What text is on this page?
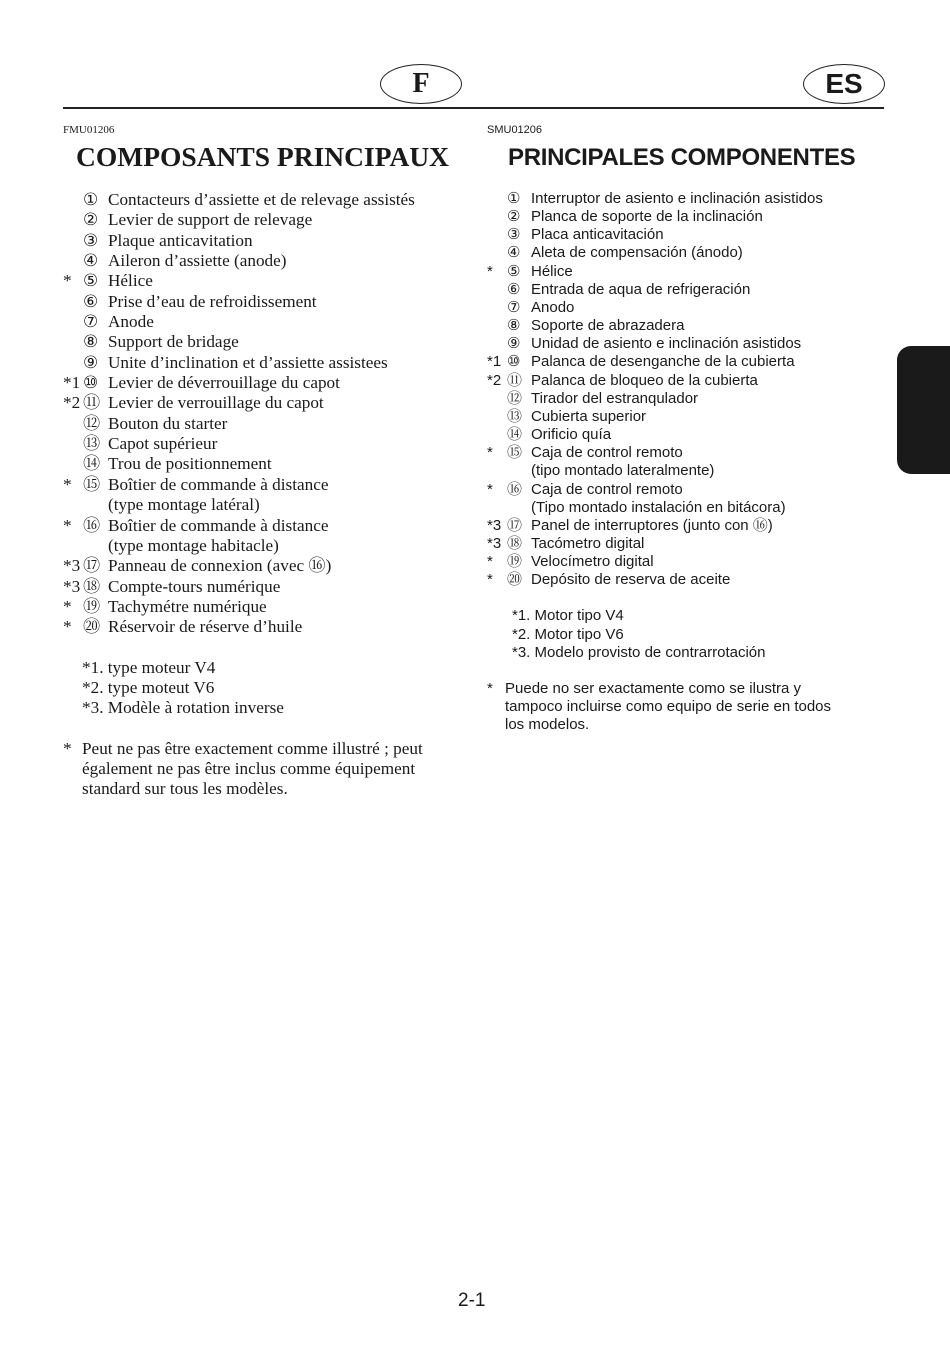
F	ES
FMU01206
COMPOSANTS PRINCIPAUX
① Contacteurs d’assiette et de relevage assistés
② Levier de support de relevage
③ Plaque anticavitation
④ Aileron d’assiette (anode)
* ⑤ Hélice
⑥ Prise d’eau de refroidissement
⑦ Anode
⑧ Support de bridage
⑨ Unite d’inclination et d’assiette assistees
*1 ⑩ Levier de déverrouillage du capot
*2 ⑪ Levier de verrouillage du capot
⑫ Bouton du starter
⑬ Capot supérieur
⑭ Trou de positionnement
* ⑮ Boîtier de commande à distance
(type montage latéral)
* ⑯ Boîtier de commande à distance
(type montage habitacle)
*3 ⑰ Panneau de connexion (avec ⑯)
*3 ⑱ Compte-tours numérique
* ⑲ Tachymétre numérique
* ⑳ Réservoir de réserve d’huile
*1. type moteur V4
*2. type moteut V6
*3. Modèle à rotation inverse
* Peut ne pas être exactement comme illustré ; peut
également ne pas être inclus comme équipement
standard sur tous les modèles.
SMU01206
PRINCIPALES COMPONENTES
① Interruptor de asiento e inclinación asistidos
② Planca de soporte de la inclinación
③ Placa anticavitación
④ Aleta de compensación (ánodo)
* ⑤ Hélice
⑥ Entrada de aqua de refrigeración
⑦ Anodo
⑧ Soporte de abrazadera
⑨ Unidad de asiento e inclinación asistidos
*1 ⑩ Palanca de desenganche de la cubierta
*2 ⑪ Palanca de bloqueo de la cubierta
⑫ Tirador del estranqulador
⑬ Cubierta superior
⑭ Orificio quía
* ⑮ Caja de control remoto
(tipo montado lateralmente)
* ⑯ Caja de control remoto
(Tipo montado instalación en bitácora)
*3 ⑰ Panel de interruptores (junto con ⑯)
*3 ⑱ Tacómetro digital
* ⑲ Velocímetro digital
* ⑳ Depósito de reserva de aceite
*1. Motor tipo V4
*2. Motor tipo V6
*3. Modelo provisto de contrarrotación
* Puede no ser exactamente como se ilustra y
tampoco incluirse como equipo de serie en todos
los modelos.
2-1
